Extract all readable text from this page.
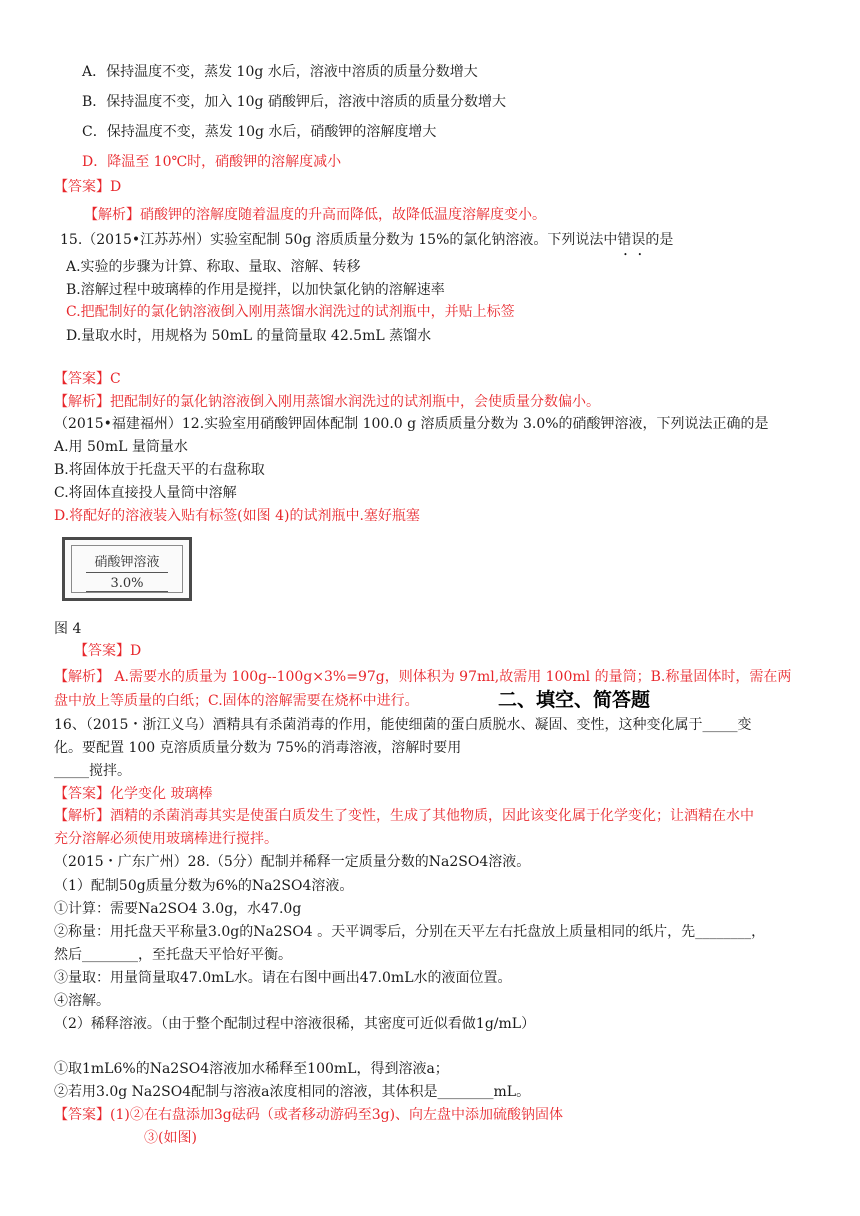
A．保持温度不变，蒸发 10g 水后，溶液中溶质的质量分数增大
B．保持温度不变，加入 10g 硝酸钾后，溶液中溶质的质量分数增大
C．保持温度不变，蒸发 10g 水后，硝酸钾的溶解度增大
D．降温至 10℃时，硝酸钾的溶解度减小
【答案】D
【解析】硝酸钾的溶解度随着温度的升高而降低，故降低温度溶解度变小。
15.（2015•江苏苏州）实验室配制 50g 溶质质量分数为 15%的氯化钠溶液。下列说法中错误 • •的是
A.实验的步骤为计算、称取、量取、溶解、转移
B.溶解过程中玻璃棒的作用是搅拌，以加快氯化钠的溶解速率
C.把配制好的氯化钠溶液倒入刚用蒸馏水润洗过的试剂瓶中，并贴上标签
D.量取水时，用规格为 50mL 的量筒量取 42.5mL 蒸馏水
【答案】C
【解析】把配制好的氯化钠溶液倒入刚用蒸馏水润洗过的试剂瓶中，会使质量分数偏小。
（2015•福建福州）12.实验室用硝酸钾固体配制 100.0 g 溶质质量分数为 3.0%的硝酸钾溶液，下列说法正确的是
A.用 50mL 量筒量水
B.将固体放于托盘天平的右盘称取
C.将固体直接投人量筒中溶解
D.将配好的溶液装入贴有标签(如图 4)的试剂瓶中.塞好瓶塞
硝酸钾溶液
3.0%
图 4
【答案】D
【解析】 A.需要水的质量为 100g--100g×3%=97g，则体积为 97ml,故需用 100ml 的量筒；B.称量固体时，需在两
盘中放上等质量的白纸；C.固体的溶解需要在烧杯中进行。	二、填空、简答题
16、（2015・浙江义乌）酒精具有杀菌消毒的作用，能使细菌的蛋白质脱水、凝固、变性，这种变化属于_____变
化。要配置 100 克溶质质量分数为 75%的消毒溶液，溶解时要用
_____搅拌。
【答案】化学变化 玻璃棒
【解析】酒精的杀菌消毒其实是使蛋白质发生了变性，生成了其他物质，因此该变化属于化学变化；让酒精在水中
充分溶解必须使用玻璃棒进行搅拌。
（2015・广东广州）28.（5分）配制并稀释一定质量分数的Na2SO4溶液。
（1）配制50g质量分数为6%的Na2SO4溶液。
①计算：需要Na2SO4 3.0g，水47.0g
②称量：用托盘天平称量3.0g的Na2SO4 。天平调零后，分别在天平左右托盘放上质量相同的纸片，先________，
然后________，至托盘天平恰好平衡。
③量取：用量筒量取47.0mL水。请在右图中画出47.0mL水的液面位置。
④溶解。
（2）稀释溶液。（由于整个配制过程中溶液很稀，其密度可近似看做1g/mL）
①取1mL6%的Na2SO4溶液加水稀释至100mL，得到溶液a；
②若用3.0g Na2SO4配制与溶液a浓度相同的溶液，其体积是________mL。
【答案】(1)②在右盘添加3g砝码（或者移动游码至3g)、向左盘中添加硫酸钠固体
③(如图)
